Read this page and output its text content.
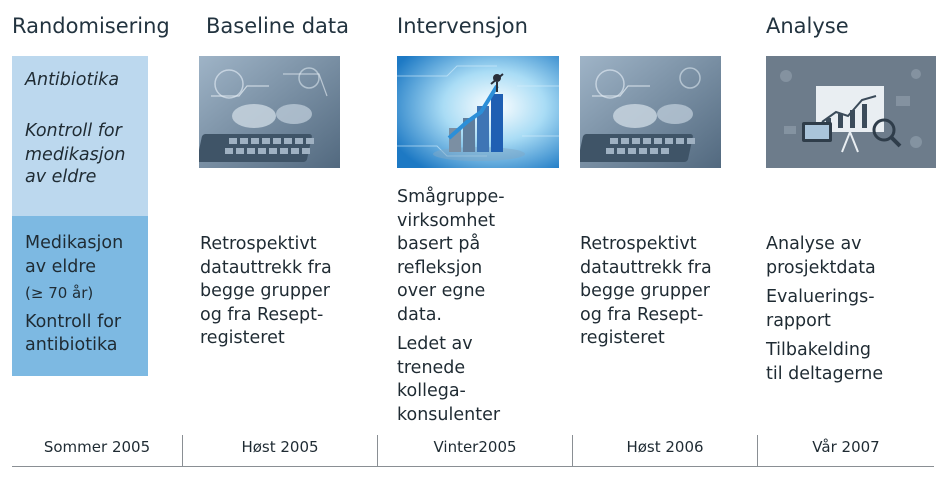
Randomisering Baseline data Intervensjon	Analyse
Antibiotika
Kontroll for
medikasjon
av eldre
Medikasjon
av eldre
(≥ 70 år)
Kontroll for
antibiotika
Retrospektivt
datauttrekk fra
begge grupper
og fra Resept-
registeret
Smågruppe-
virksomhet
basert på
refleksjon
over egne
data.
Ledet av
trenede
kollega-
konsulenter
Retrospektivt
datauttrekk fra
begge grupper
og fra Resept-
registeret
Analyse av
prosjektdata
Evaluerings-
rapport
Tilbakelding
til deltagerne
Sommer 2005	Høst 2005	Vinter2005	Høst 2006	Vår 2007
